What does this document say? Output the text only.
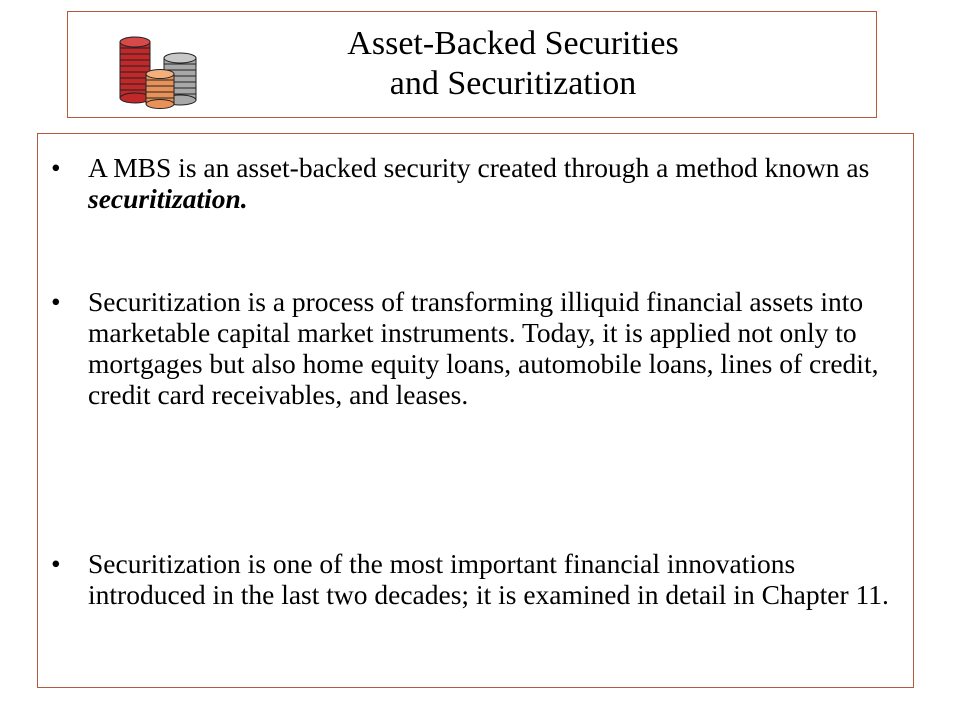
Asset-Backed Securities
and Securitization
• A MBS is an asset-backed security created through a method known as securitization.
• Securitization is a process of transforming illiquid financial assets into marketable capital market instruments. Today, it is applied not only to mortgages but also home equity loans, automobile loans, lines of credit, credit card receivables, and leases.
• Securitization is one of the most important financial innovations introduced in the last two decades; it is examined in detail in Chapter 11.
